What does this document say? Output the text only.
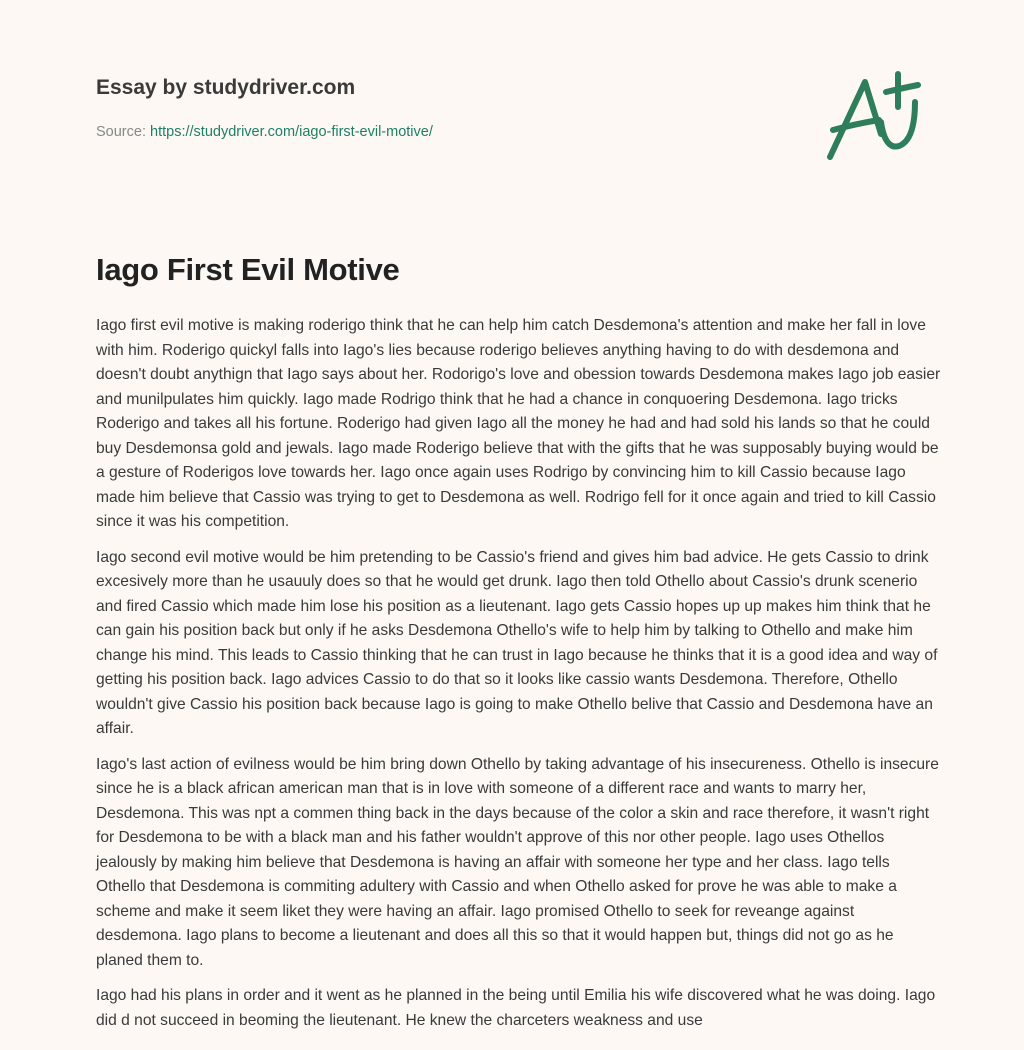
Essay by studydriver.com
Source: https://studydriver.com/iago-first-evil-motive/
Iago First Evil Motive

Iago first evil motive is making roderigo think that he can help him catch Desdemona's attention and make her fall in love with him. Roderigo quickyl falls into Iago's lies because roderigo believes anything having to do with desdemona and doesn't doubt anythign that Iago says about her. Rodorigo's love and obession towards Desdemona makes Iago job easier and munilpulates him quickly. Iago made Rodrigo think that he had a chance in conquoering Desdemona. Iago tricks Roderigo and takes all his fortune. Roderigo had given Iago all the money he had and had sold his lands so that he could buy Desdemonsa gold and jewals. Iago made Roderigo believe that with the gifts that he was supposably buying would be a gesture of Roderigos love towards her. Iago once again uses Rodrigo by convincing him to kill Cassio because Iago made him believe that Cassio was trying to get to Desdemona as well. Rodrigo fell for it once again and tried to kill Cassio since it was his competition.

Iago second evil motive would be him pretending to be Cassio's friend and gives him bad advice. He gets Cassio to drink excesively more than he usauuly does so that he would get drunk. Iago then told Othello about Cassio's drunk scenerio and fired Cassio which made him lose his position as a lieutenant. Iago gets Cassio hopes up up makes him think that he can gain his position back but only if he asks Desdemona Othello's wife to help him by talking to Othello and make him change his mind. This leads to Cassio thinking that he can trust in Iago because he thinks that it is a good idea and way of getting his position back. Iago advices Cassio to do that so it looks like cassio wants Desdemona. Therefore, Othello wouldn't give Cassio his position back because Iago is going to make Othello belive that Cassio and Desdemona have an affair.

Iago's last action of evilness would be him bring down Othello by taking advantage of his insecureness. Othello is insecure since he is a black african american man that is in love with someone of a different race and wants to marry her, Desdemona. This was npt a commen thing back in the days because of the color a skin and race therefore, it wasn't right for Desdemona to be with a black man and his father wouldn't approve of this nor other people. Iago uses Othellos jealously by making him believe that Desdemona is having an affair with someone her type and her class. Iago tells Othello that Desdemona is commiting adultery with Cassio and when Othello asked for prove he was able to make a scheme and make it seem liket they were having an affair. Iago promised Othello to seek for reveange against desdemona. Iago plans to become a lieutenant and does all this so that it would happen but, things did not go as he planed them to.

Iago had his plans in order and it went as he planned in the being until Emilia his wife discovered what he was doing. Iago did d not succeed in beoming the lieutenant. He knew the charceters weakness and use
